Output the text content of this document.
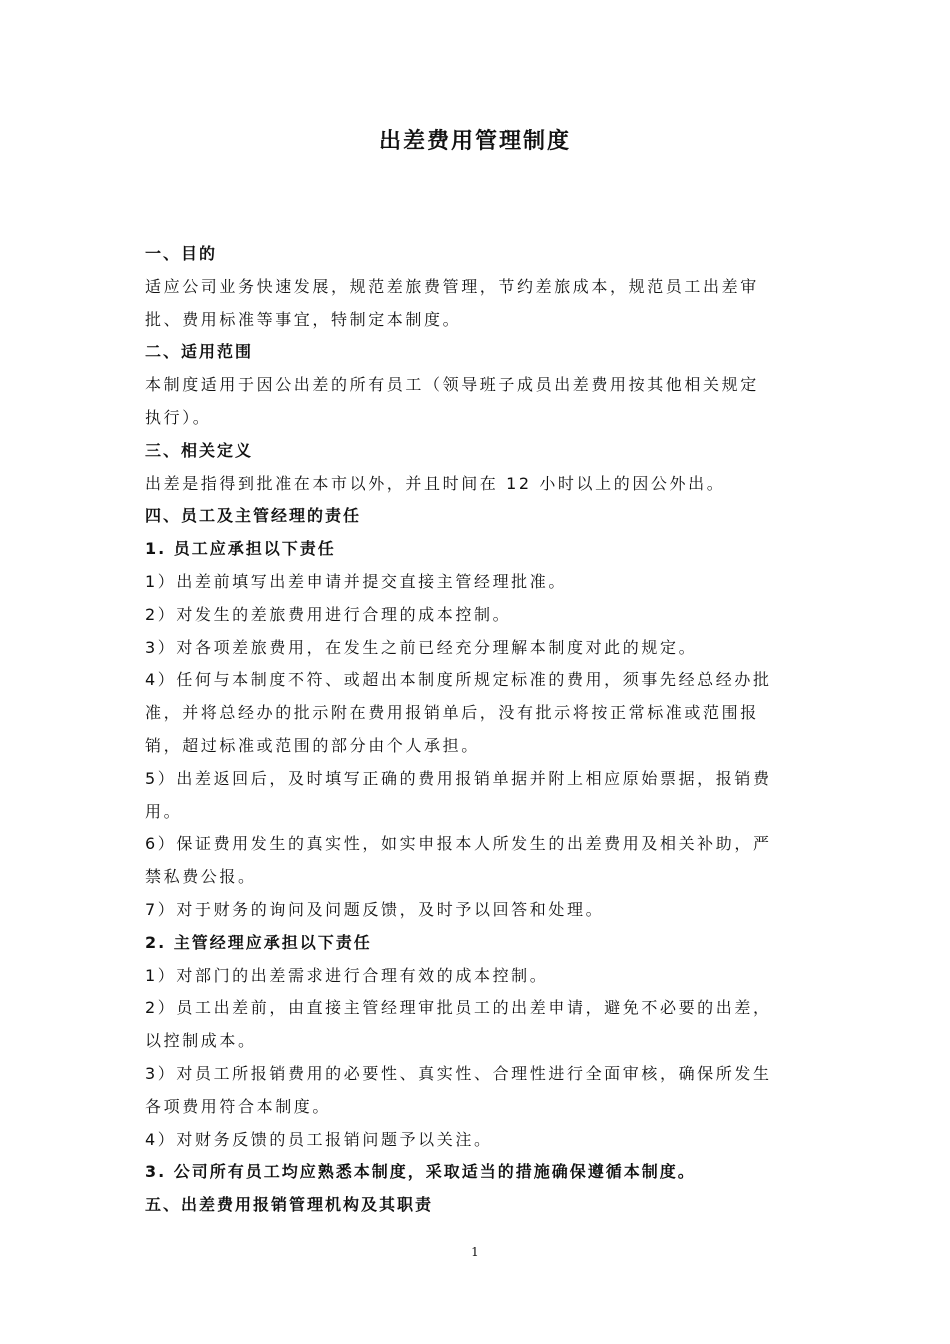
出差费用管理制度

一、目的

适应公司业务快速发展，规范差旅费管理，节约差旅成本，规范员工出差审

批、费用标准等事宜，特制定本制度。

二、适用范围

本制度适用于因公出差的所有员工（领导班子成员出差费用按其他相关规定

执行）。

三、相关定义

出差是指得到批准在本市以外，并且时间在 12 小时以上的因公外出。

四、员工及主管经理的责任

1. 员工应承担以下责任

1）出差前填写出差申请并提交直接主管经理批准。

2）对发生的差旅费用进行合理的成本控制。

3）对各项差旅费用，在发生之前已经充分理解本制度对此的规定。

4）任何与本制度不符、或超出本制度所规定标准的费用，须事先经总经办批

准，并将总经办的批示附在费用报销单后，没有批示将按正常标准或范围报

销，超过标准或范围的部分由个人承担。

5）出差返回后，及时填写正确的费用报销单据并附上相应原始票据，报销费

用。

6）保证费用发生的真实性，如实申报本人所发生的出差费用及相关补助，严

禁私费公报。

7）对于财务的询问及问题反馈，及时予以回答和处理。

2. 主管经理应承担以下责任

1）对部门的出差需求进行合理有效的成本控制。

2）员工出差前，由直接主管经理审批员工的出差申请，避免不必要的出差，

以控制成本。

3）对员工所报销费用的必要性、真实性、合理性进行全面审核，确保所发生

各项费用符合本制度。

4）对财务反馈的员工报销问题予以关注。

3. 公司所有员工均应熟悉本制度，采取适当的措施确保遵循本制度。

五、出差费用报销管理机构及其职责

1
